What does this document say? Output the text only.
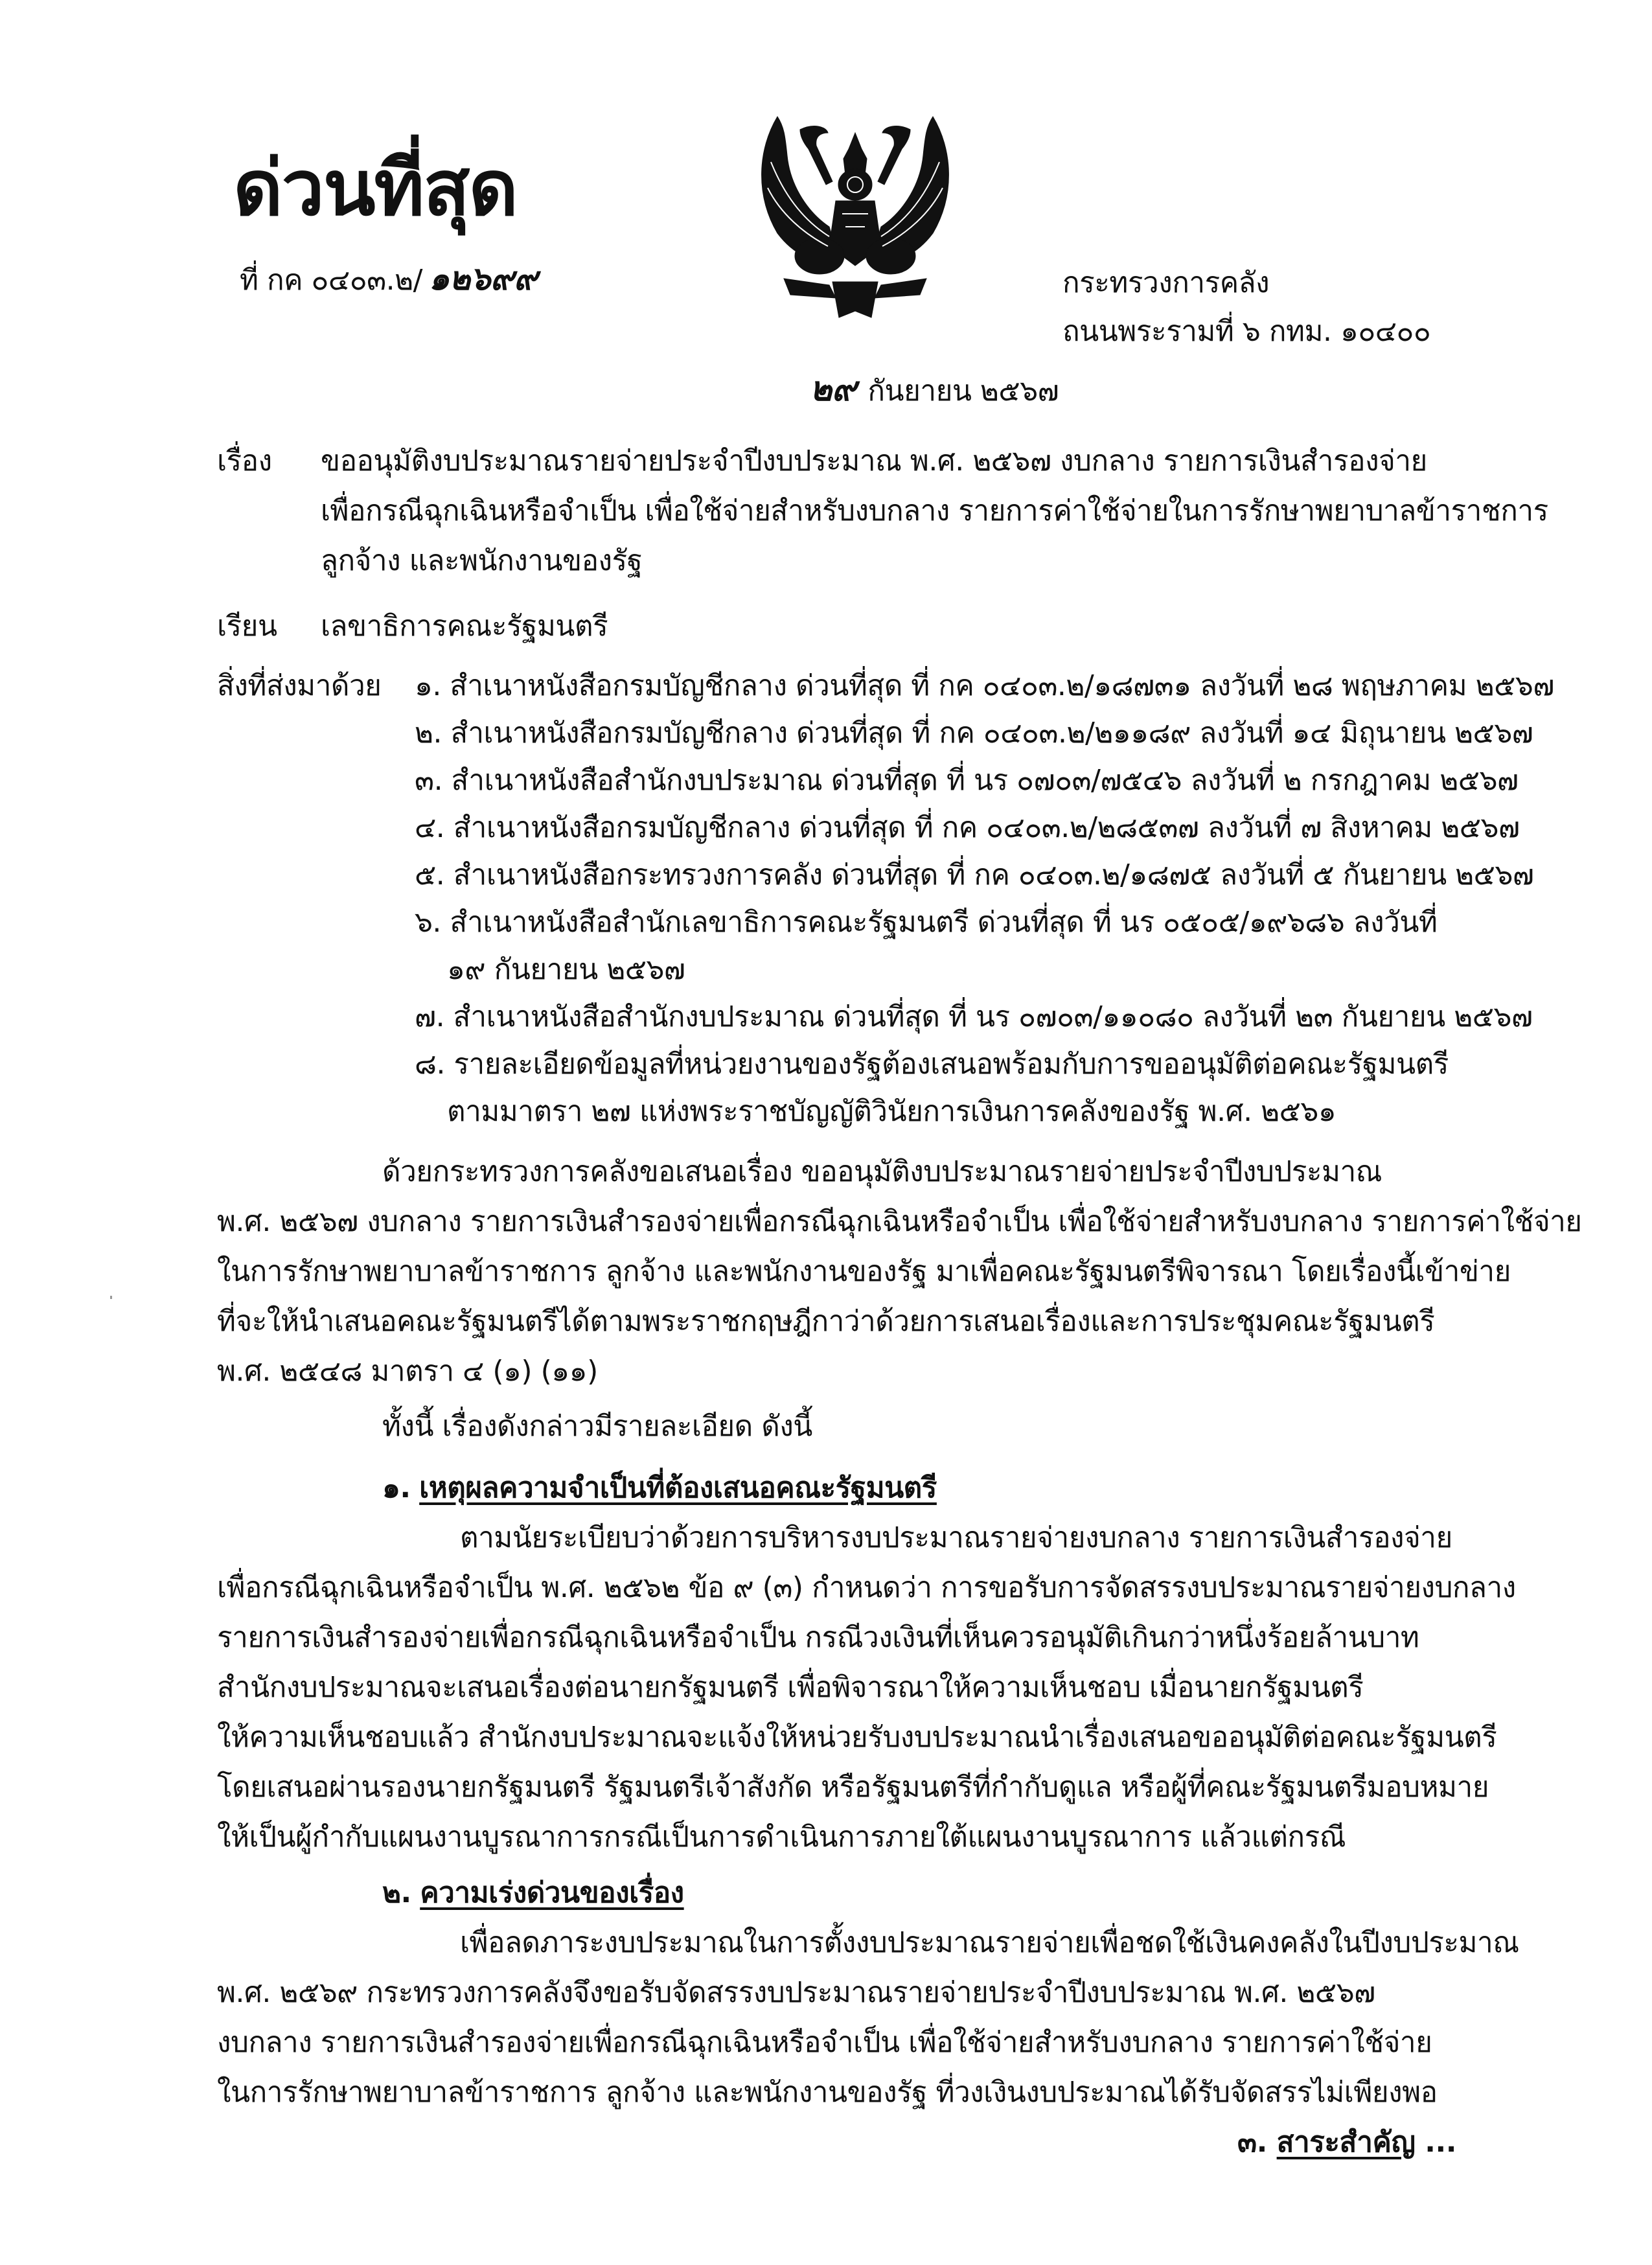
ด่วนที่สุด
ที่ กค ๐๔๐๓.๒/ ๑๒๖๙๙	กระทรวงการคลัง
ถนนพระรามที่ ๖ กทม. ๑๐๔๐๐
๒๙ กันยายน ๒๕๖๗
เรื่อง ขออนุมัติงบประมาณรายจ่ายประจำปีงบประมาณ พ.ศ. ๒๕๖๗ งบกลาง รายการเงินสำรองจ่าย
เพื่อกรณีฉุกเฉินหรือจำเป็น เพื่อใช้จ่ายสำหรับงบกลาง รายการค่าใช้จ่ายในการรักษาพยาบาลข้าราชการ
ลูกจ้าง และพนักงานของรัฐ
เรียน เลขาธิการคณะรัฐมนตรี
สิ่งที่ส่งมาด้วย ๑. สำเนาหนังสือกรมบัญชีกลาง ด่วนที่สุด ที่ กค ๐๔๐๓.๒/๑๘๗๓๑ ลงวันที่ ๒๘ พฤษภาคม ๒๕๖๗
๒. สำเนาหนังสือกรมบัญชีกลาง ด่วนที่สุด ที่ กค ๐๔๐๓.๒/๒๑๑๘๙ ลงวันที่ ๑๔ มิถุนายน ๒๕๖๗
๓. สำเนาหนังสือสำนักงบประมาณ ด่วนที่สุด ที่ นร ๐๗๐๓/๗๕๔๖ ลงวันที่ ๒ กรกฎาคม ๒๕๖๗
๔. สำเนาหนังสือกรมบัญชีกลาง ด่วนที่สุด ที่ กค ๐๔๐๓.๒/๒๘๕๓๗ ลงวันที่ ๗ สิงหาคม ๒๕๖๗
๕. สำเนาหนังสือกระทรวงการคลัง ด่วนที่สุด ที่ กค ๐๔๐๓.๒/๑๘๗๕ ลงวันที่ ๕ กันยายน ๒๕๖๗
๖. สำเนาหนังสือสำนักเลขาธิการคณะรัฐมนตรี ด่วนที่สุด ที่ นร ๐๕๐๕/๑๙๖๘๖ ลงวันที่
๑๙ กันยายน ๒๕๖๗
๗. สำเนาหนังสือสำนักงบประมาณ ด่วนที่สุด ที่ นร ๐๗๐๓/๑๑๐๘๐ ลงวันที่ ๒๓ กันยายน ๒๕๖๗
๘. รายละเอียดข้อมูลที่หน่วยงานของรัฐต้องเสนอพร้อมกับการขออนุมัติต่อคณะรัฐมนตรี
ตามมาตรา ๒๗ แห่งพระราชบัญญัติวินัยการเงินการคลังของรัฐ พ.ศ. ๒๕๖๑
ด้วยกระทรวงการคลังขอเสนอเรื่อง ขออนุมัติงบประมาณรายจ่ายประจำปีงบประมาณ
พ.ศ. ๒๕๖๗ งบกลาง รายการเงินสำรองจ่ายเพื่อกรณีฉุกเฉินหรือจำเป็น เพื่อใช้จ่ายสำหรับงบกลาง รายการค่าใช้จ่าย
ในการรักษาพยาบาลข้าราชการ ลูกจ้าง และพนักงานของรัฐ มาเพื่อคณะรัฐมนตรีพิจารณา โดยเรื่องนี้เข้าข่าย
ที่จะให้นำเสนอคณะรัฐมนตรีได้ตามพระราชกฤษฎีกาว่าด้วยการเสนอเรื่องและการประชุมคณะรัฐมนตรี
พ.ศ. ๒๕๔๘ มาตรา ๔ (๑) (๑๑)
ทั้งนี้ เรื่องดังกล่าวมีรายละเอียด ดังนี้
๑. เหตุผลความจำเป็นที่ต้องเสนอคณะรัฐมนตรี
ตามนัยระเบียบว่าด้วยการบริหารงบประมาณรายจ่ายงบกลาง รายการเงินสำรองจ่าย
เพื่อกรณีฉุกเฉินหรือจำเป็น พ.ศ. ๒๕๖๒ ข้อ ๙ (๓) กำหนดว่า การขอรับการจัดสรรงบประมาณรายจ่ายงบกลาง
รายการเงินสำรองจ่ายเพื่อกรณีฉุกเฉินหรือจำเป็น กรณีวงเงินที่เห็นควรอนุมัติเกินกว่าหนึ่งร้อยล้านบาท
สำนักงบประมาณจะเสนอเรื่องต่อนายกรัฐมนตรี เพื่อพิจารณาให้ความเห็นชอบ เมื่อนายกรัฐมนตรี
ให้ความเห็นชอบแล้ว สำนักงบประมาณจะแจ้งให้หน่วยรับงบประมาณนำเรื่องเสนอขออนุมัติต่อคณะรัฐมนตรี
โดยเสนอผ่านรองนายกรัฐมนตรี รัฐมนตรีเจ้าสังกัด หรือรัฐมนตรีที่กำกับดูแล หรือผู้ที่คณะรัฐมนตรีมอบหมาย
ให้เป็นผู้กำกับแผนงานบูรณาการกรณีเป็นการดำเนินการภายใต้แผนงานบูรณาการ แล้วแต่กรณี
๒. ความเร่งด่วนของเรื่อง
เพื่อลดภาระงบประมาณในการตั้งงบประมาณรายจ่ายเพื่อชดใช้เงินคงคลังในปีงบประมาณ
พ.ศ. ๒๕๖๙ กระทรวงการคลังจึงขอรับจัดสรรงบประมาณรายจ่ายประจำปีงบประมาณ พ.ศ. ๒๕๖๗
งบกลาง รายการเงินสำรองจ่ายเพื่อกรณีฉุกเฉินหรือจำเป็น เพื่อใช้จ่ายสำหรับงบกลาง รายการค่าใช้จ่าย
ในการรักษาพยาบาลข้าราชการ ลูกจ้าง และพนักงานของรัฐ ที่วงเงินงบประมาณได้รับจัดสรรไม่เพียงพอ
๓. สาระสำคัญ ...
